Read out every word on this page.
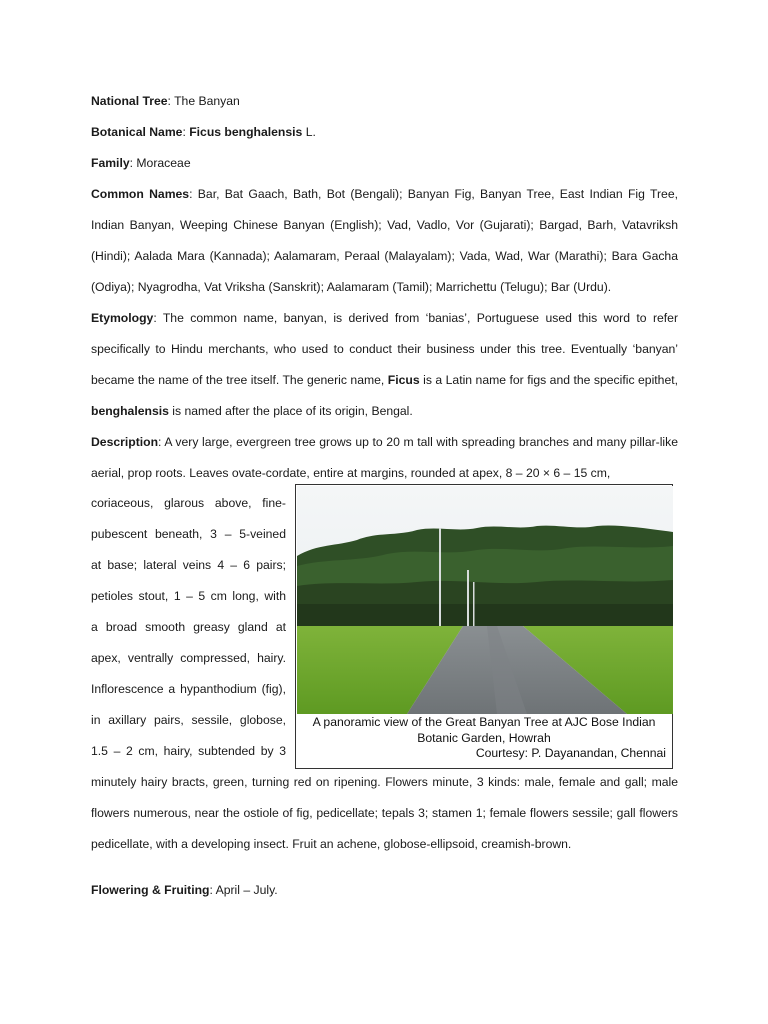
National Tree: The Banyan

Botanical Name: Ficus benghalensis L.

Family: Moraceae

Common Names: Bar, Bat Gaach, Bath, Bot (Bengali); Banyan Fig, Banyan Tree, East Indian Fig Tree, Indian Banyan, Weeping Chinese Banyan (English); Vad, Vadlo, Vor (Gujarati); Bargad, Barh, Vatavriksh (Hindi); Aalada Mara (Kannada); Aalamaram, Peraal (Malayalam); Vada, Wad, War (Marathi); Bara Gacha (Odiya); Nyagrodha, Vat Vriksha (Sanskrit); Aalamaram (Tamil); Marrichettu (Telugu); Bar (Urdu).

Etymology: The common name, banyan, is derived from ‘banias’, Portuguese used this word to refer specifically to Hindu merchants, who used to conduct their business under this tree. Eventually ‘banyan’ became the name of the tree itself. The generic name, Ficus is a Latin name for figs and the specific epithet, benghalensis is named after the place of its origin, Bengal.

Description: A very large, evergreen tree grows up to 20 m tall with spreading branches and many pillar-like aerial, prop roots. Leaves ovate-cordate, entire at margins, rounded at apex, 8 – 20 × 6 – 15 cm,

coriaceous, glarous above, fine-
pubescent beneath, 3 – 5-veined
at base; lateral veins 4 – 6 pairs;
petioles stout, 1 – 5 cm long, with
a broad smooth greasy gland at
apex, ventrally compressed, hairy.
Inflorescence a hypanthodium (fig),
in axillary pairs, sessile, globose,
1.5 – 2 cm, hairy, subtended by 3
A panoramic view of the Great Banyan Tree at AJC Bose Indian Botanic Garden, Howrah
Courtesy: P. Dayanandan, Chennai

minutely hairy bracts, green, turning red on ripening. Flowers minute, 3 kinds: male, female and gall; male flowers numerous, near the ostiole of fig, pedicellate; tepals 3; stamen 1; female flowers sessile; gall flowers pedicellate, with a developing insect. Fruit an achene, globose-ellipsoid, creamish-brown.

Flowering & Fruiting: April – July.
